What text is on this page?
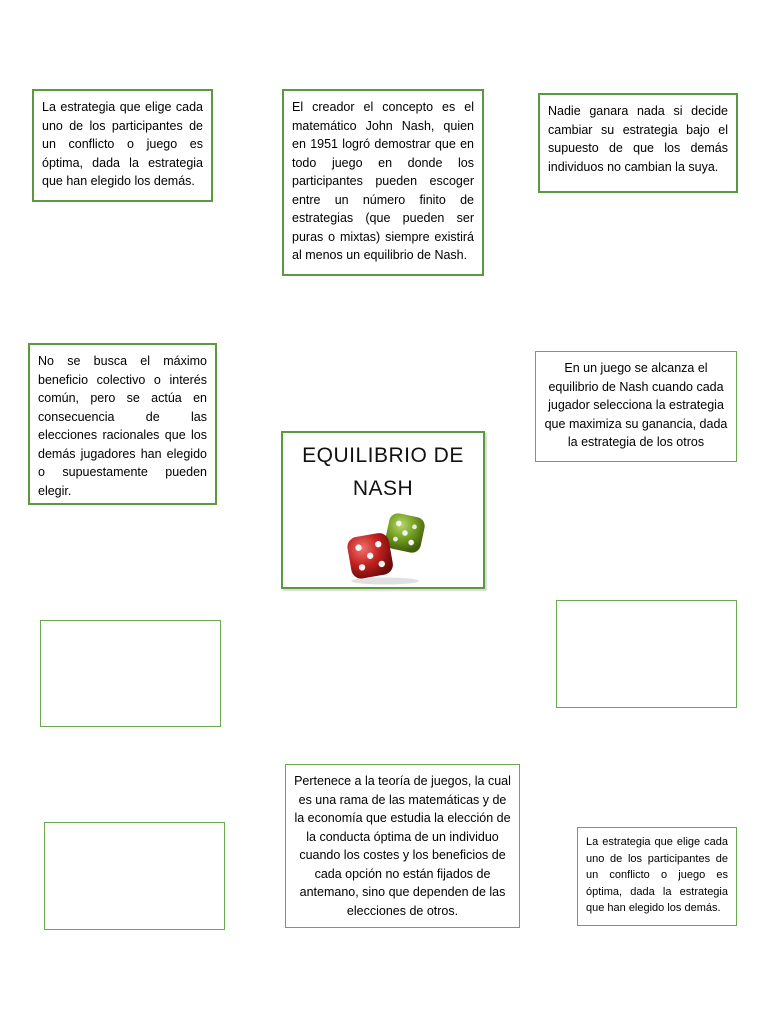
La estrategia que elige cada uno de los participantes de un conflicto o juego es óptima, dada la estrategia que han elegido los demás.
El creador el concepto es el matemático John Nash, quien en 1951 logró demostrar que en todo juego en donde los participantes pueden escoger entre un número finito de estrategias (que pueden ser puras o mixtas) siempre existirá al menos un equilibrio de Nash.
Nadie ganara nada si decide cambiar su estrategia bajo el supuesto de que los demás individuos no cambian la suya.
No se busca el máximo beneficio colectivo o interés común, pero se actúa en consecuencia de las elecciones racionales que los demás jugadores han elegido o supuestamente pueden elegir.
En un juego se alcanza el equilibrio de Nash cuando cada jugador selecciona la estrategia que maximiza su ganancia, dada la estrategia de los otros
EQUILIBRIO DE NASH
Pertenece a la teoría de juegos, la cual es una rama de las matemáticas y de la economía que estudia la elección de la conducta óptima de un individuo cuando los costes y los beneficios de cada opción no están fijados de antemano, sino que dependen de las elecciones de otros.
La estrategia que elige cada uno de los participantes de un conflicto o juego es óptima, dada la estrategia que han elegido los demás.
